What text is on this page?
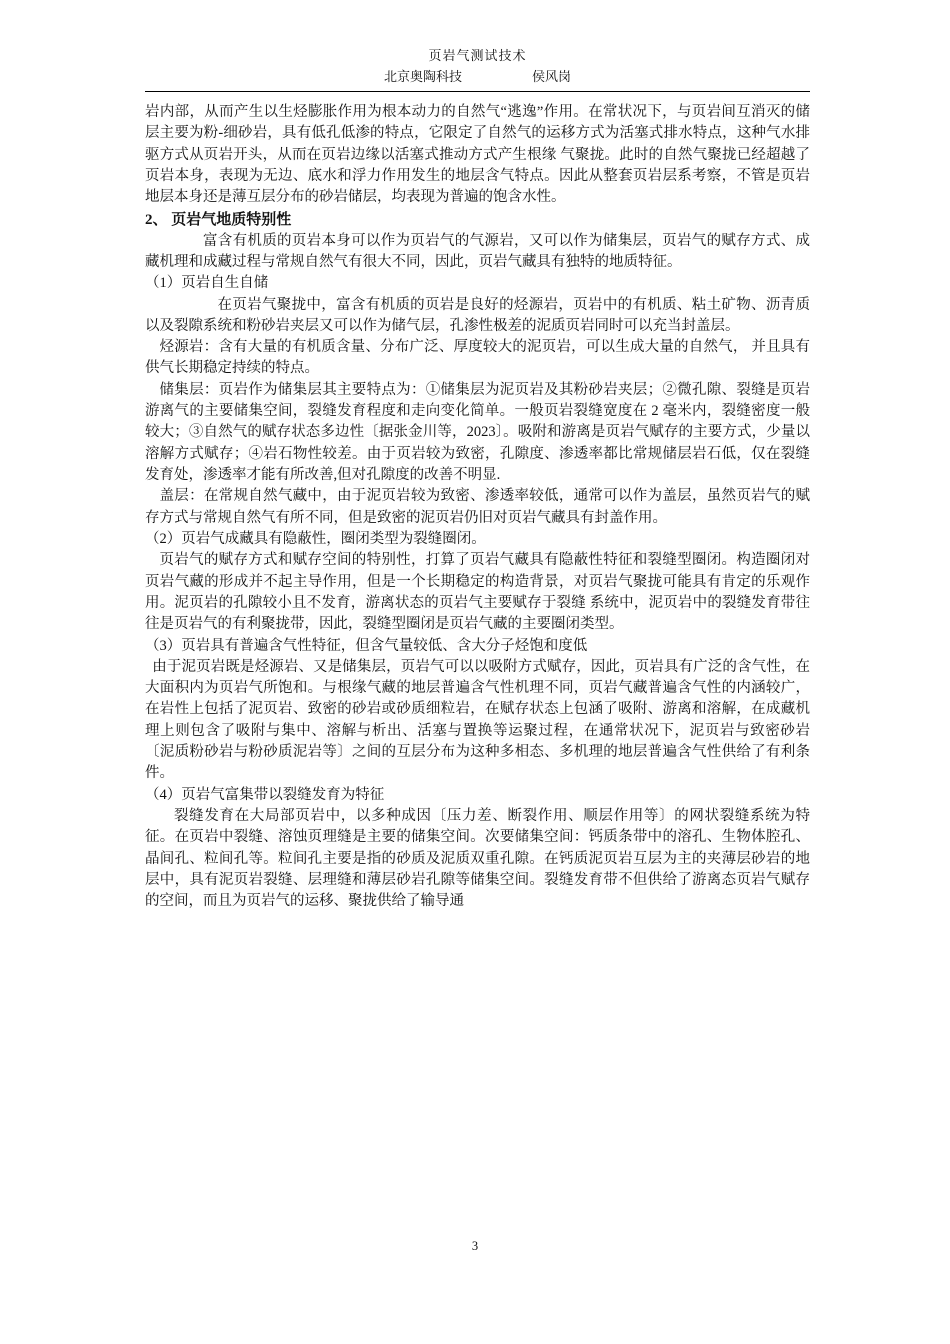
页岩气测试技术
北京奥陶科技	侯风岗

岩内部，从而产生以生烃膨胀作用为根本动力的自然气“逃逸”作用。在常状况下，与页岩间互消灭的储层主要为粉-细砂岩，具有低孔低渗的特点，它限定了自然气的运移方式为活塞式排水特点，这种气水排驱方式从页岩开头，从而在页岩边缘以活塞式推动方式产生根缘 气聚拢。此时的自然气聚拢已经超越了页岩本身，表现为无边、底水和浮力作用发生的地层含气特点。因此从整套页岩层系考察，不管是页岩地层本身还是薄互层分布的砂岩储层，均表现为普遍的饱含水性。

2、 页岩气地质特别性

富含有机质的页岩本身可以作为页岩气的气源岩，又可以作为储集层，页岩气的赋存方式、成藏机理和成藏过程与常规自然气有很大不同，因此，页岩气藏具有独特的地质特征。

（1）页岩自生自储

在页岩气聚拢中，富含有机质的页岩是良好的烃源岩，页岩中的有机质、粘土矿物、沥青质以及裂隙系统和粉砂岩夹层又可以作为储气层，孔渗性极差的泥质页岩同时可以充当封盖层。

烃源岩：含有大量的有机质含量、分布广泛、厚度较大的泥页岩，可以生成大量的自然气， 并且具有供气长期稳定持续的特点。

储集层：页岩作为储集层其主要特点为：①储集层为泥页岩及其粉砂岩夹层；②微孔隙、裂缝是页岩游离气的主要储集空间，裂缝发育程度和走向变化简单。一般页岩裂缝宽度在 2 毫米内，裂缝密度一般较大；③自然气的赋存状态多边性〔据张金川等，2023〕。吸附和游离是页岩气赋存的主要方式，少量以溶解方式赋存；④岩石物性较差。由于页岩较为致密，孔隙度、渗透率都比常规储层岩石低，仅在裂缝发育处，渗透率才能有所改善,但对孔隙度的改善不明显.

盖层：在常规自然气藏中，由于泥页岩较为致密、渗透率较低，通常可以作为盖层，虽然页岩气的赋存方式与常规自然气有所不同，但是致密的泥页岩仍旧对页岩气藏具有封盖作用。

（2）页岩气成藏具有隐蔽性，圈闭类型为裂缝圈闭。

页岩气的赋存方式和赋存空间的特别性，打算了页岩气藏具有隐蔽性特征和裂缝型圈闭。构造圈闭对页岩气藏的形成并不起主导作用，但是一个长期稳定的构造背景，对页岩气聚拢可能具有肯定的乐观作用。泥页岩的孔隙较小且不发育，游离状态的页岩气主要赋存于裂缝 系统中，泥页岩中的裂缝发育带往往是页岩气的有利聚拢带，因此，裂缝型圈闭是页岩气藏的主要圈闭类型。

（3）页岩具有普遍含气性特征，但含气量较低、含大分子烃饱和度低

由于泥页岩既是烃源岩、又是储集层，页岩气可以以吸附方式赋存，因此，页岩具有广泛的含气性，在大面积内为页岩气所饱和。与根缘气藏的地层普遍含气性机理不同，页岩气藏普遍含气性的内涵较广，在岩性上包括了泥页岩、致密的砂岩或砂质细粒岩，在赋存状态上包涵了吸附、游离和溶解，在成藏机理上则包含了吸附与集中、溶解与析出、活塞与置换等运聚过程，在通常状况下，泥页岩与致密砂岩〔泥质粉砂岩与粉砂质泥岩等〕之间的互层分布为这种多相态、多机理的地层普遍含气性供给了有利条件。

（4）页岩气富集带以裂缝发育为特征

裂缝发育在大局部页岩中，以多种成因〔压力差、断裂作用、顺层作用等〕的网状裂缝系统为特征。在页岩中裂缝、溶蚀页理缝是主要的储集空间。次要储集空间：钙质条带中的溶孔、生物体腔孔、晶间孔、粒间孔等。粒间孔主要是指的砂质及泥质双重孔隙。在钙质泥页岩互层为主的夹薄层砂岩的地层中，具有泥页岩裂缝、层理缝和薄层砂岩孔隙等储集空间。裂缝发育带不但供给了游离态页岩气赋存的空间，而且为页岩气的运移、聚拢供给了输导通

3
